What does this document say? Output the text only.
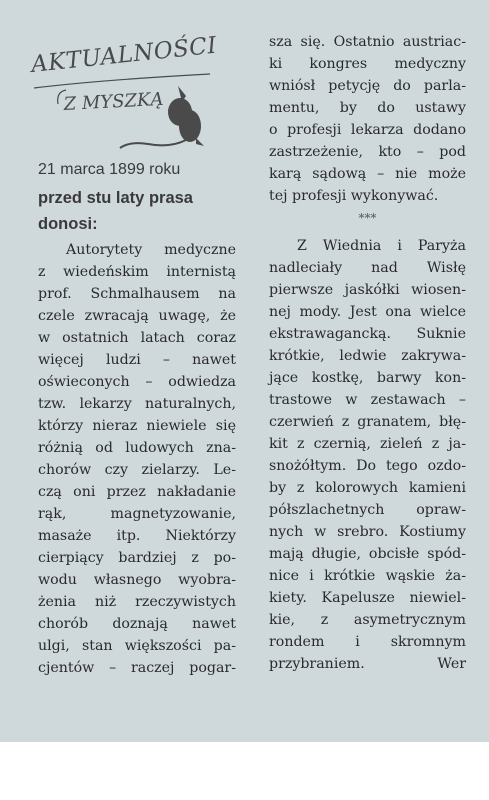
AKTUALNOŚCI
Z MYSZKĄ
21 marca 1899 roku
przed stu laty prasa
donosi:
Autorytety medyczne
z wiedeńskim internistą
prof. Schmalhausem na
czele zwracają uwagę, że
w ostatnich latach coraz
więcej ludzi – nawet
oświeconych – odwiedza
tzw. lekarzy naturalnych,
którzy nieraz niewiele się
różnią od ludowych zna-
chorów czy zielarzy. Le-
czą oni przez nakładanie
rąk, magnetyzowanie,
masaże itp. Niektórzy
cierpiący bardziej z po-
wodu własnego wyobra-
żenia niż rzeczywistych
chorób doznają nawet
ulgi, stan większości pa-
cjentów – raczej pogar-
sza się. Ostatnio austriac-
ki kongres medyczny
wniósł petycję do parla-
mentu, by do ustawy
o profesji lekarza dodano
zastrzeżenie, kto – pod
karą sądową – nie może
tej profesji wykonywać.
***
Z Wiednia i Paryża
nadleciały nad Wisłę
pierwsze jaskółki wiosen-
nej mody. Jest ona wielce
ekstrawagancką. Suknie
krótkie, ledwie zakrywa-
jące kostkę, barwy kon-
trastowe w zestawach –
czerwień z granatem, błę-
kit z czernią, zieleń z ja-
snożółtym. Do tego ozdo-
by z kolorowych kamieni
półszlachetnych opraw-
nych w srebro. Kostiumy
mają długie, obcisłe spód-
nice i krótkie wąskie ża-
kiety. Kapelusze niewiel-
kie, z asymetrycznym
rondem i skromnym
przybraniem. Wer
